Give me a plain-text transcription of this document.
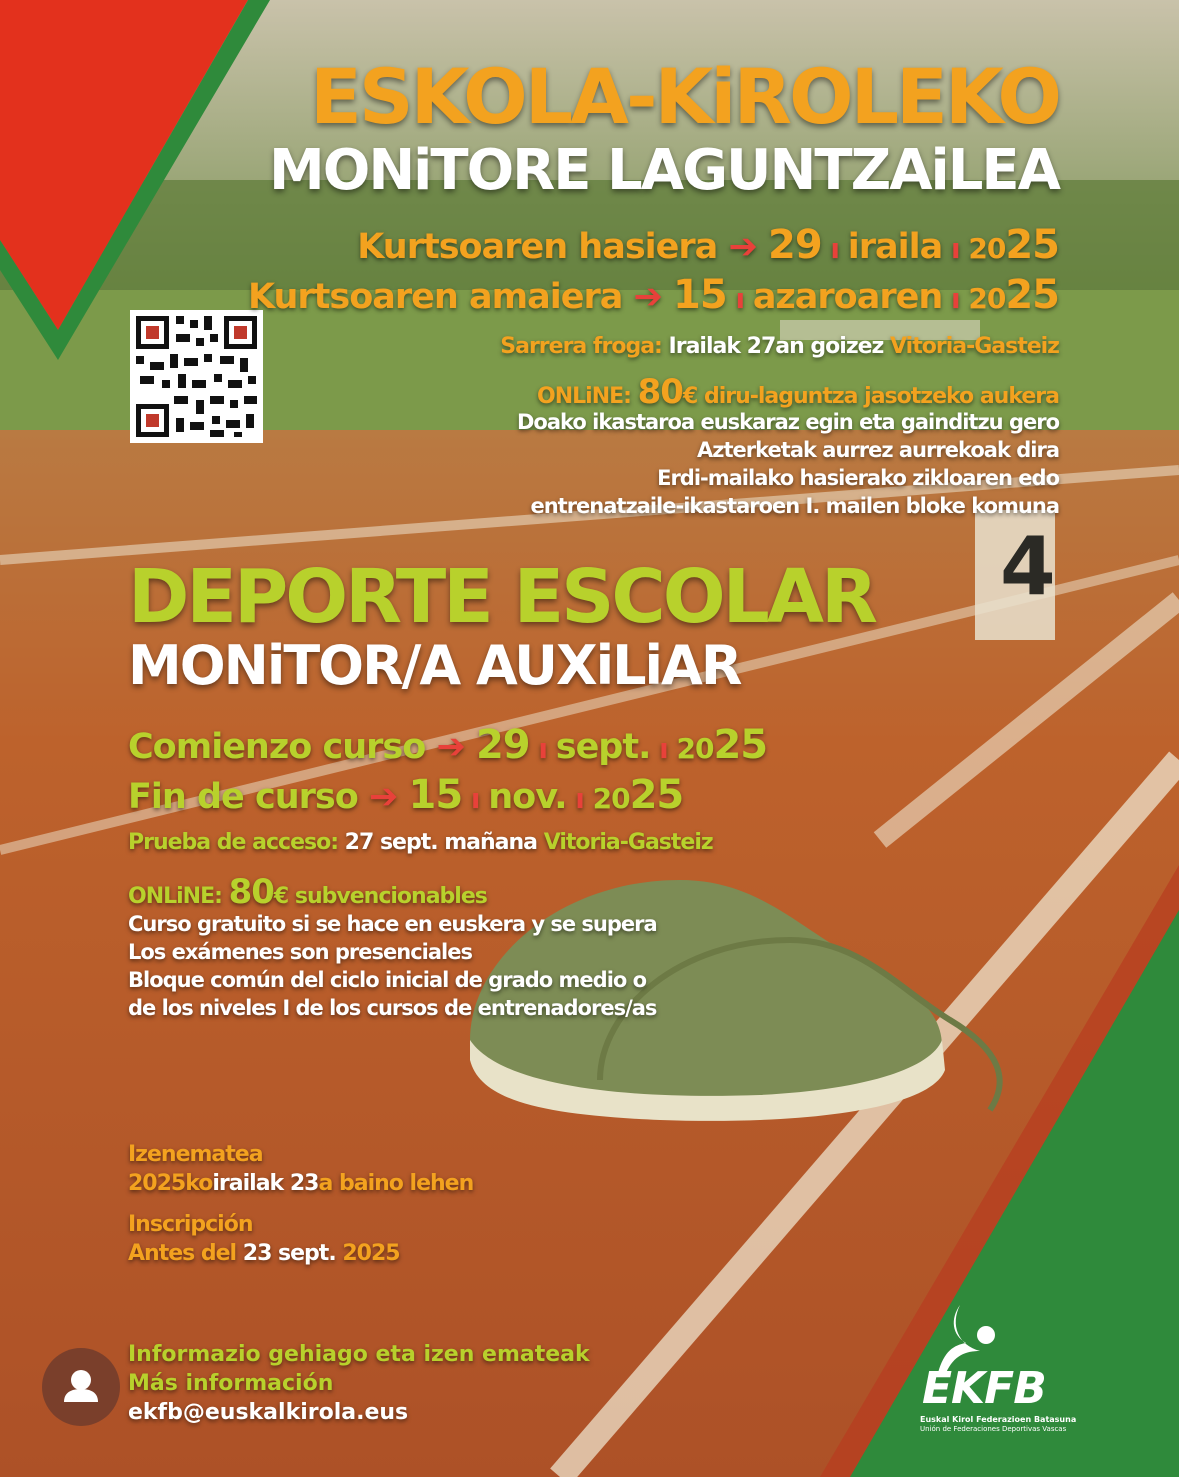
4
ESKOLA-KiROLEKO
MONiTORE LAGUNTZAiLEA
Kurtsoaren hasiera ➔ 29 ı iraila ı 2025
Kurtsoaren amaiera ➔ 15 ı azaroaren ı 2025
Sarrera froga: Irailak 27an goizez Vitoria-Gasteiz
ONLiNE: 80€ diru-laguntza jasotzeko aukera
Doako ikastaroa euskaraz egin eta gainditzu gero
Azterketak aurrez aurrekoak dira
Erdi-mailako hasierako zikloaren edo
entrenatzaile-ikastaroen I. mailen bloke komuna
DEPORTE ESCOLAR
MONiTOR/A AUXiLiAR
Comienzo curso ➔ 29 ı sept. ı 2025
Fin de curso ➔ 15 ı nov. ı 2025
Prueba de acceso: 27 sept. mañana Vitoria-Gasteiz
ONLiNE: 80€ subvencionables
Curso gratuito si se hace en euskera y se supera
Los exámenes son presenciales
Bloque común del ciclo inicial de grado medio o
de los niveles I de los cursos de entrenadores/as
Izenematea
2025koirailak 23a baino lehen
Inscripción
Antes del 23 sept. 2025
Informazio gehiago eta izen emateak
Más información
ekfb@euskalkirola.eus	EKFB
Euskal Kirol Federazioen Batasuna
Unión de Federaciones Deportivas Vascas
